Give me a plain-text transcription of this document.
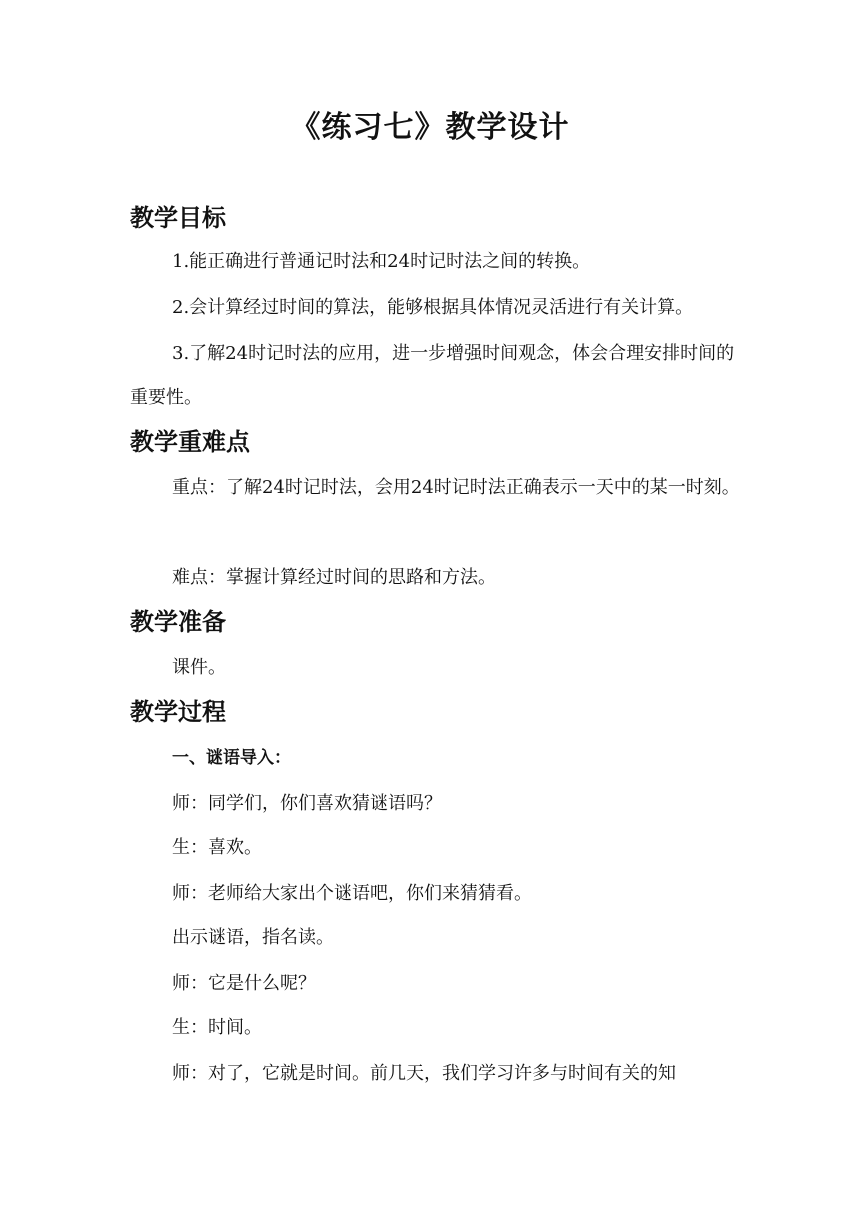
《练习七》教学设计
教学目标
1.能正确进行普通记时法和24时记时法之间的转换。
2.会计算经过时间的算法，能够根据具体情况灵活进行有关计算。
3.了解24时记时法的应用，进一步增强时间观念，体会合理安排时间的重要性。
教学重难点
重点：了解24时记时法，会用24时记时法正确表示一天中的某一时刻。
难点：掌握计算经过时间的思路和方法。
教学准备
课件。
教学过程
一、谜语导入：
师：同学们，你们喜欢猜谜语吗？
生：喜欢。
师：老师给大家出个谜语吧，你们来猜猜看。
出示谜语，指名读。
师：它是什么呢？
生：时间。
师：对了，它就是时间。前几天，我们学习许多与时间有关的知
